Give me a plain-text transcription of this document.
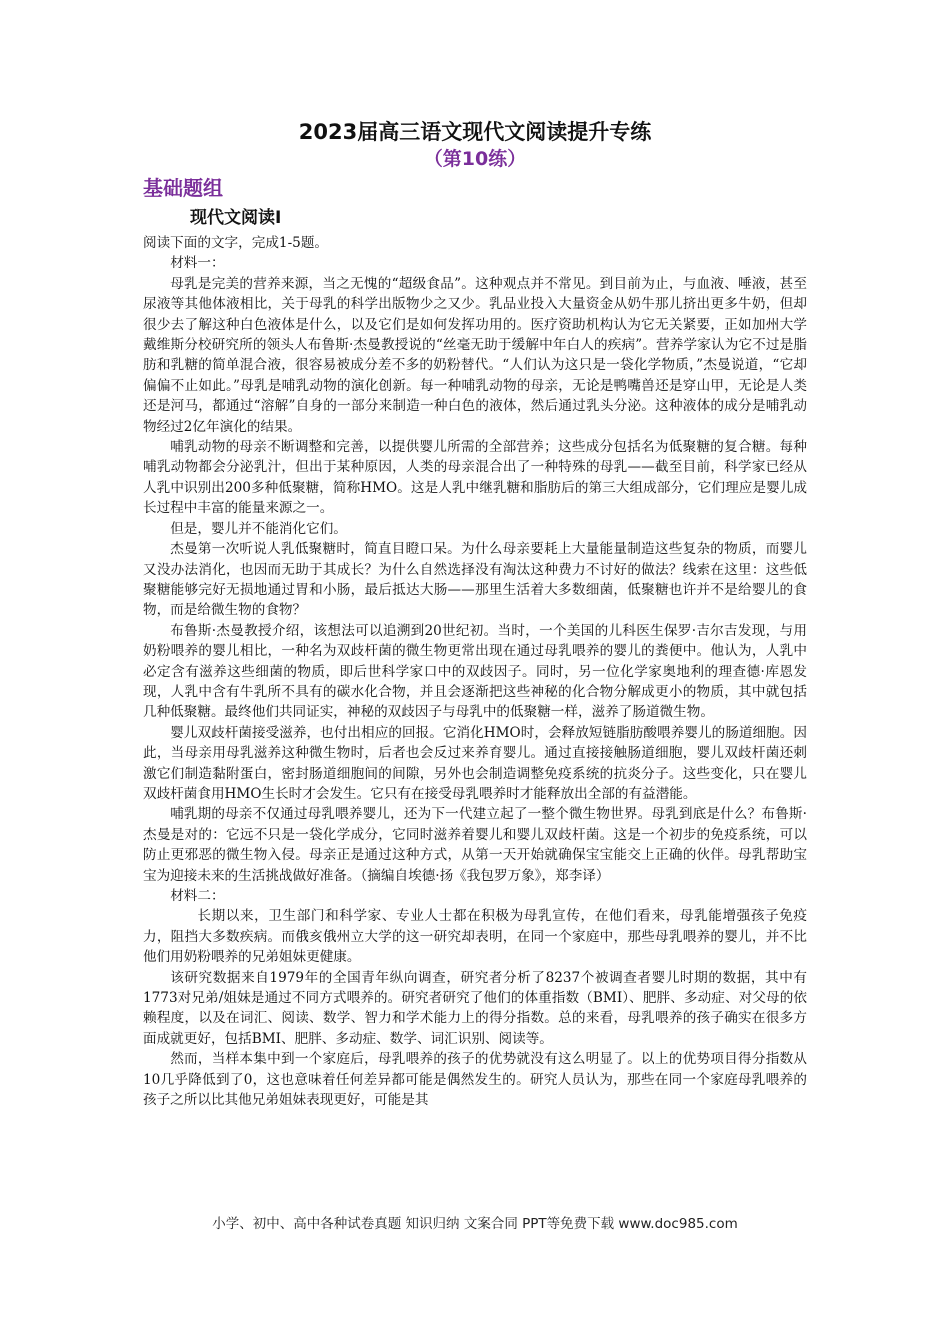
2023届高三语文现代文阅读提升专练
（第10练）
基础题组
现代文阅读Ⅰ

阅读下面的文字，完成1-5题。

材料一：

母乳是完美的营养来源，当之无愧的“超级食品”。这种观点并不常见。到目前为止，与血液、唾液，甚至尿液等其他体液相比，关于母乳的科学出版物少之又少。乳品业投入大量资金从奶牛那儿挤出更多牛奶，但却很少去了解这种白色液体是什么，以及它们是如何发挥功用的。医疗资助机构认为它无关紧要，正如加州大学戴维斯分校研究所的领头人布鲁斯·杰曼教授说的“丝毫无助于缓解中年白人的疾病”。营养学家认为它不过是脂肪和乳糖的简单混合液，很容易被成分差不多的奶粉替代。“人们认为这只是一袋化学物质，”杰曼说道，“它却偏偏不止如此。”母乳是哺乳动物的演化创新。每一种哺乳动物的母亲，无论是鸭嘴兽还是穿山甲，无论是人类还是河马，都通过“溶解”自身的一部分来制造一种白色的液体，然后通过乳头分泌。这种液体的成分是哺乳动物经过2亿年演化的结果。

哺乳动物的母亲不断调整和完善，以提供婴儿所需的全部营养；这些成分包括名为低聚糖的复合糖。每种哺乳动物都会分泌乳汁，但出于某种原因，人类的母亲混合出了一种特殊的母乳——截至目前，科学家已经从人乳中识别出200多种低聚糖，简称HMO。这是人乳中继乳糖和脂肪后的第三大组成部分，它们理应是婴儿成长过程中丰富的能量来源之一。

但是，婴儿并不能消化它们。

杰曼第一次听说人乳低聚糖时，简直目瞪口呆。为什么母亲要耗上大量能量制造这些复杂的物质，而婴儿又没办法消化，也因而无助于其成长？为什么自然选择没有淘汰这种费力不讨好的做法？线索在这里：这些低聚糖能够完好无损地通过胃和小肠，最后抵达大肠——那里生活着大多数细菌，低聚糖也许并不是给婴儿的食物，而是给微生物的食物？

布鲁斯·杰曼教授介绍，该想法可以追溯到20世纪初。当时，一个美国的儿科医生保罗·吉尔吉发现，与用奶粉喂养的婴儿相比，一种名为双歧杆菌的微生物更常出现在通过母乳喂养的婴儿的粪便中。他认为，人乳中必定含有滋养这些细菌的物质，即后世科学家口中的双歧因子。同时，另一位化学家奥地利的理查德·库恩发现，人乳中含有牛乳所不具有的碳水化合物，并且会逐渐把这些神秘的化合物分解成更小的物质，其中就包括几种低聚糖。最终他们共同证实，神秘的双歧因子与母乳中的低聚糖一样，滋养了肠道微生物。

婴儿双歧杆菌接受滋养，也付出相应的回报。它消化HMO时，会释放短链脂肪酸喂养婴儿的肠道细胞。因此，当母亲用母乳滋养这种微生物时，后者也会反过来养育婴儿。通过直接接触肠道细胞，婴儿双歧杆菌还刺激它们制造黏附蛋白，密封肠道细胞间的间隙，另外也会制造调整免疫系统的抗炎分子。这些变化，只在婴儿双歧杆菌食用HMO生长时才会发生。它只有在接受母乳喂养时才能释放出全部的有益潜能。

哺乳期的母亲不仅通过母乳喂养婴儿，还为下一代建立起了一整个微生物世界。母乳到底是什么？布鲁斯·杰曼是对的：它远不只是一袋化学成分，它同时滋养着婴儿和婴儿双歧杆菌。这是一个初步的免疫系统，可以防止更邪恶的微生物入侵。母亲正是通过这种方式，从第一天开始就确保宝宝能交上正确的伙伴。母乳帮助宝宝为迎接未来的生活挑战做好准备。（摘编自埃德·扬《我包罗万象》，郑李译）

材料二：

长期以来，卫生部门和科学家、专业人士都在积极为母乳宣传，在他们看来，母乳能增强孩子免疫力，阻挡大多数疾病。而俄亥俄州立大学的这一研究却表明，在同一个家庭中，那些母乳喂养的婴儿，并不比他们用奶粉喂养的兄弟姐妹更健康。

该研究数据来自1979年的全国青年纵向调查，研究者分析了8237个被调查者婴儿时期的数据，其中有1773对兄弟/姐妹是通过不同方式喂养的。研究者研究了他们的体重指数（BMI）、肥胖、多动症、对父母的依赖程度，以及在词汇、阅读、数学、智力和学术能力上的得分指数。总的来看，母乳喂养的孩子确实在很多方面成就更好，包括BMI、肥胖、多动症、数学、词汇识别、阅读等。

然而，当样本集中到一个家庭后，母乳喂养的孩子的优势就没有这么明显了。以上的优势项目得分指数从10几乎降低到了0，这也意味着任何差异都可能是偶然发生的。研究人员认为，那些在同一个家庭母乳喂养的孩子之所以比其他兄弟姐妹表现更好，可能是其

小学、初中、高中各种试卷真题 知识归纳 文案合同 PPT等免费下载 www.doc985.com
